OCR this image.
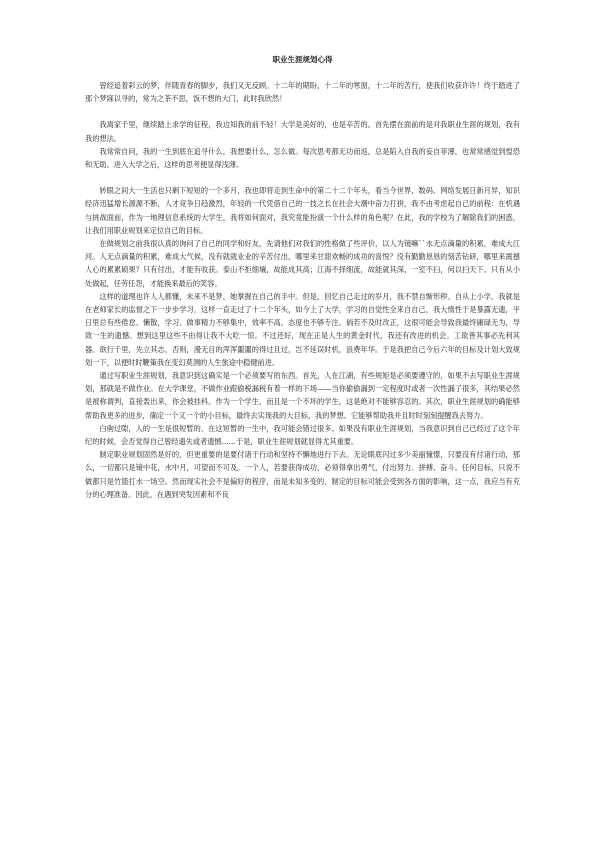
职业生涯规划心得

曾经追着彩云的梦，伴随青春的脚步，我们又无反顾。十二年的期盼，十二年的寒窗，十二年的苦行，使我们收获许许！终于踏进了那个梦寐以寻的，常为之茶不思，饭不想的大门，此时我欣然！

我离家千里，继续踏上求学的征程，我边知我的前不轻！大学是美好的，也是辛苦的。首先摆在面前的是对我职业生涯的规划，我有我的想法。

我常常自问，我的一生到底在追寻什么，我想要什么，怎么做。每次思考都无功而返，总是陷入自我的妄自菲薄，也常常感觉到惶恐和无助。进入大学之后，这样的思考便显得浅薄。

转眼之间大一生活也只剩下短短的一个多月，我也即将走到生命中的第二十二个年头，看当今世界，数码、网络发展日新月异，知识经济迅猛增长源源不断，人才竞争日趋激烈，年轻的一代凭借自己的一技之长在社会大潮中奋力打拼，我不由考虑起自己的前程：在机遇与挑战面前，作为一地理信息系统的大学生，我将如何面对，我究竟能扮演一个什么样的角色呢？在此，我的学校为了解除我们的困惑，让我们用职业规划来定位自己的目标。

在做规划之前我很认真的询问了自己的同学和好友，先请他们对我们的性格做了些评价，以人为镜嘛``水无点滴量的积累，难成大江河。人无点滴量的积累，难成大气候，没有就就业业的辛苦付出，哪里来甘甜欢畅的成功的喜悦？没有勤勤恳恳的刻苦钻研，哪里来震撼人心的累累硕果？只有付出，才能有收获。泰山不拒细壤，故能成其高；江海不择细流，故能就其深，一室不扫，何以扫天下。只有从小处做起，任劳任怨，才能换来最后的笑容。

这样的道理也许人人都懂，未来不是梦，她掌握在自己的手中。但是，回忆自己走过的岁月，我不禁自惭形秽。自从上小学，我就是在老师家长的监督之下一步步学习，这样一直走过了十二个年头，如今上了大学，学习的自觉性全来自自己，我大惰性于是暴露无遗，平日里总有些倦怠、懒散，学习、做事精力不够集中，效率不高，态度也不够专注。倘若不及时改正，这很可能会导致我最终庸碌无为，导致一生的遗憾。想到这里这些不由得让我不大吃一惊。不过还好，现在正是人生的黄金时代，我还有改进的机会。工欲善其事必先利其器。欲行千里，先立其志，否则，漫无目的浑浑噩噩的得过且过，岂不延误时机，浪费年华。于是我把自己今后六年的目标及计划大致规划一下，以便时时鞭策我在变幻莫测的人生旅途中稳健前进。

通过写职业生涯规划，我意识到这确实是一个必须要写的东西。首先，人在江湖，有些规矩是必须要遵守的，如果不去写职业生涯规划，那就是不做作业。在大学课堂，不做作业跟偷税漏税有着一样的下场——当你偷偷漏到一定程度时或者一次性漏了很多，其结果必然是被称谓判，直接轰出来，你会被挂科。作为一个学生，而且是一个不坏的学生，这是绝对不能够容忍的。其次，职业生涯规划的确能够帮助我更多的进步，确定一个又一个的小目标，最终去实现我的大目标，我的梦想。它能够帮助我并且时时刻刻提醒我去努力。

白驹过隙，人的一生是很短暂的。在这短暂的一生中，我可能会错过很多。如果没有职业生涯规划，当我意识到自己已经过了这个年纪的时候，会否觉得自己曾经遗失或者遗憾……于是，职业生涯规划就显得尤其重要。

制定职业规划固然是好的，但更重要的是要付诸于行动和坚持不懈地进行下去。无论眼底闪过多少美丽憧憬，只要没有付诸行动，那么，一切都只是镜中花，水中月，可望而不可及。一个人，若要获得成功，必须得拿出勇气，付出努力、拼搏、奋斗。任何目标，只说不做都只是竹篮打水一场空。然而现实社会不是偏好的程序，而是未知多变的，制定的目标可能会受到各方面的影响，这一点，我应当有充分的心理准备。因此，在遇到突发因素和不良
